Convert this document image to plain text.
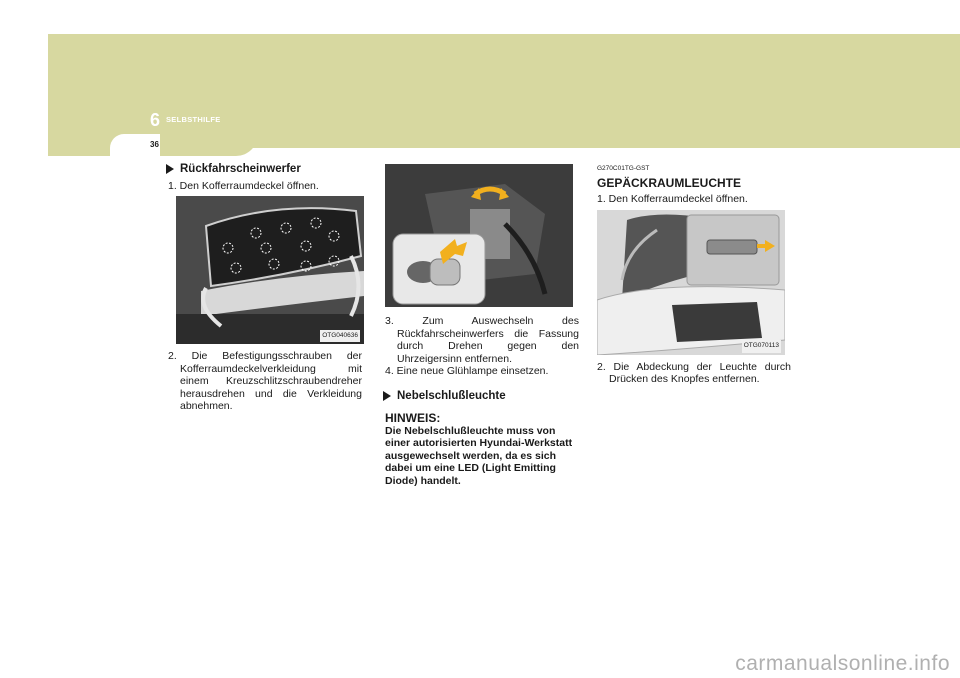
6 SELBSTHILFE
36
Rückfahrscheinwerfer

1. Den Kofferraumdeckel öffnen.

OTG040636

2. Die Befestigungsschrauben der Kofferraumdeckelverkleidung mit einem Kreuzschlitzschraubendreher herausdrehen und die Verkleidung abnehmen.

3. Zum Auswechseln des Rückfahrscheinwerfers die Fassung durch Drehen gegen den Uhrzeigersinn entfernen.

4. Eine neue Glühlampe einsetzen.

Nebelschlußleuchte
HINWEIS:
Die Nebelschlußleuchte muss von einer autorisierten Hyundai-Werkstatt ausgewechselt werden, da es sich dabei um eine LED (Light Emitting Diode) handelt.
G270C01TG-GST
GEPÄCKRAUMLEUCHTE

1. Den Kofferraumdeckel öffnen.

OTG070113

2. Die Abdeckung der Leuchte durch Drücken des Knopfes entfernen.

carmanualsonline.info
